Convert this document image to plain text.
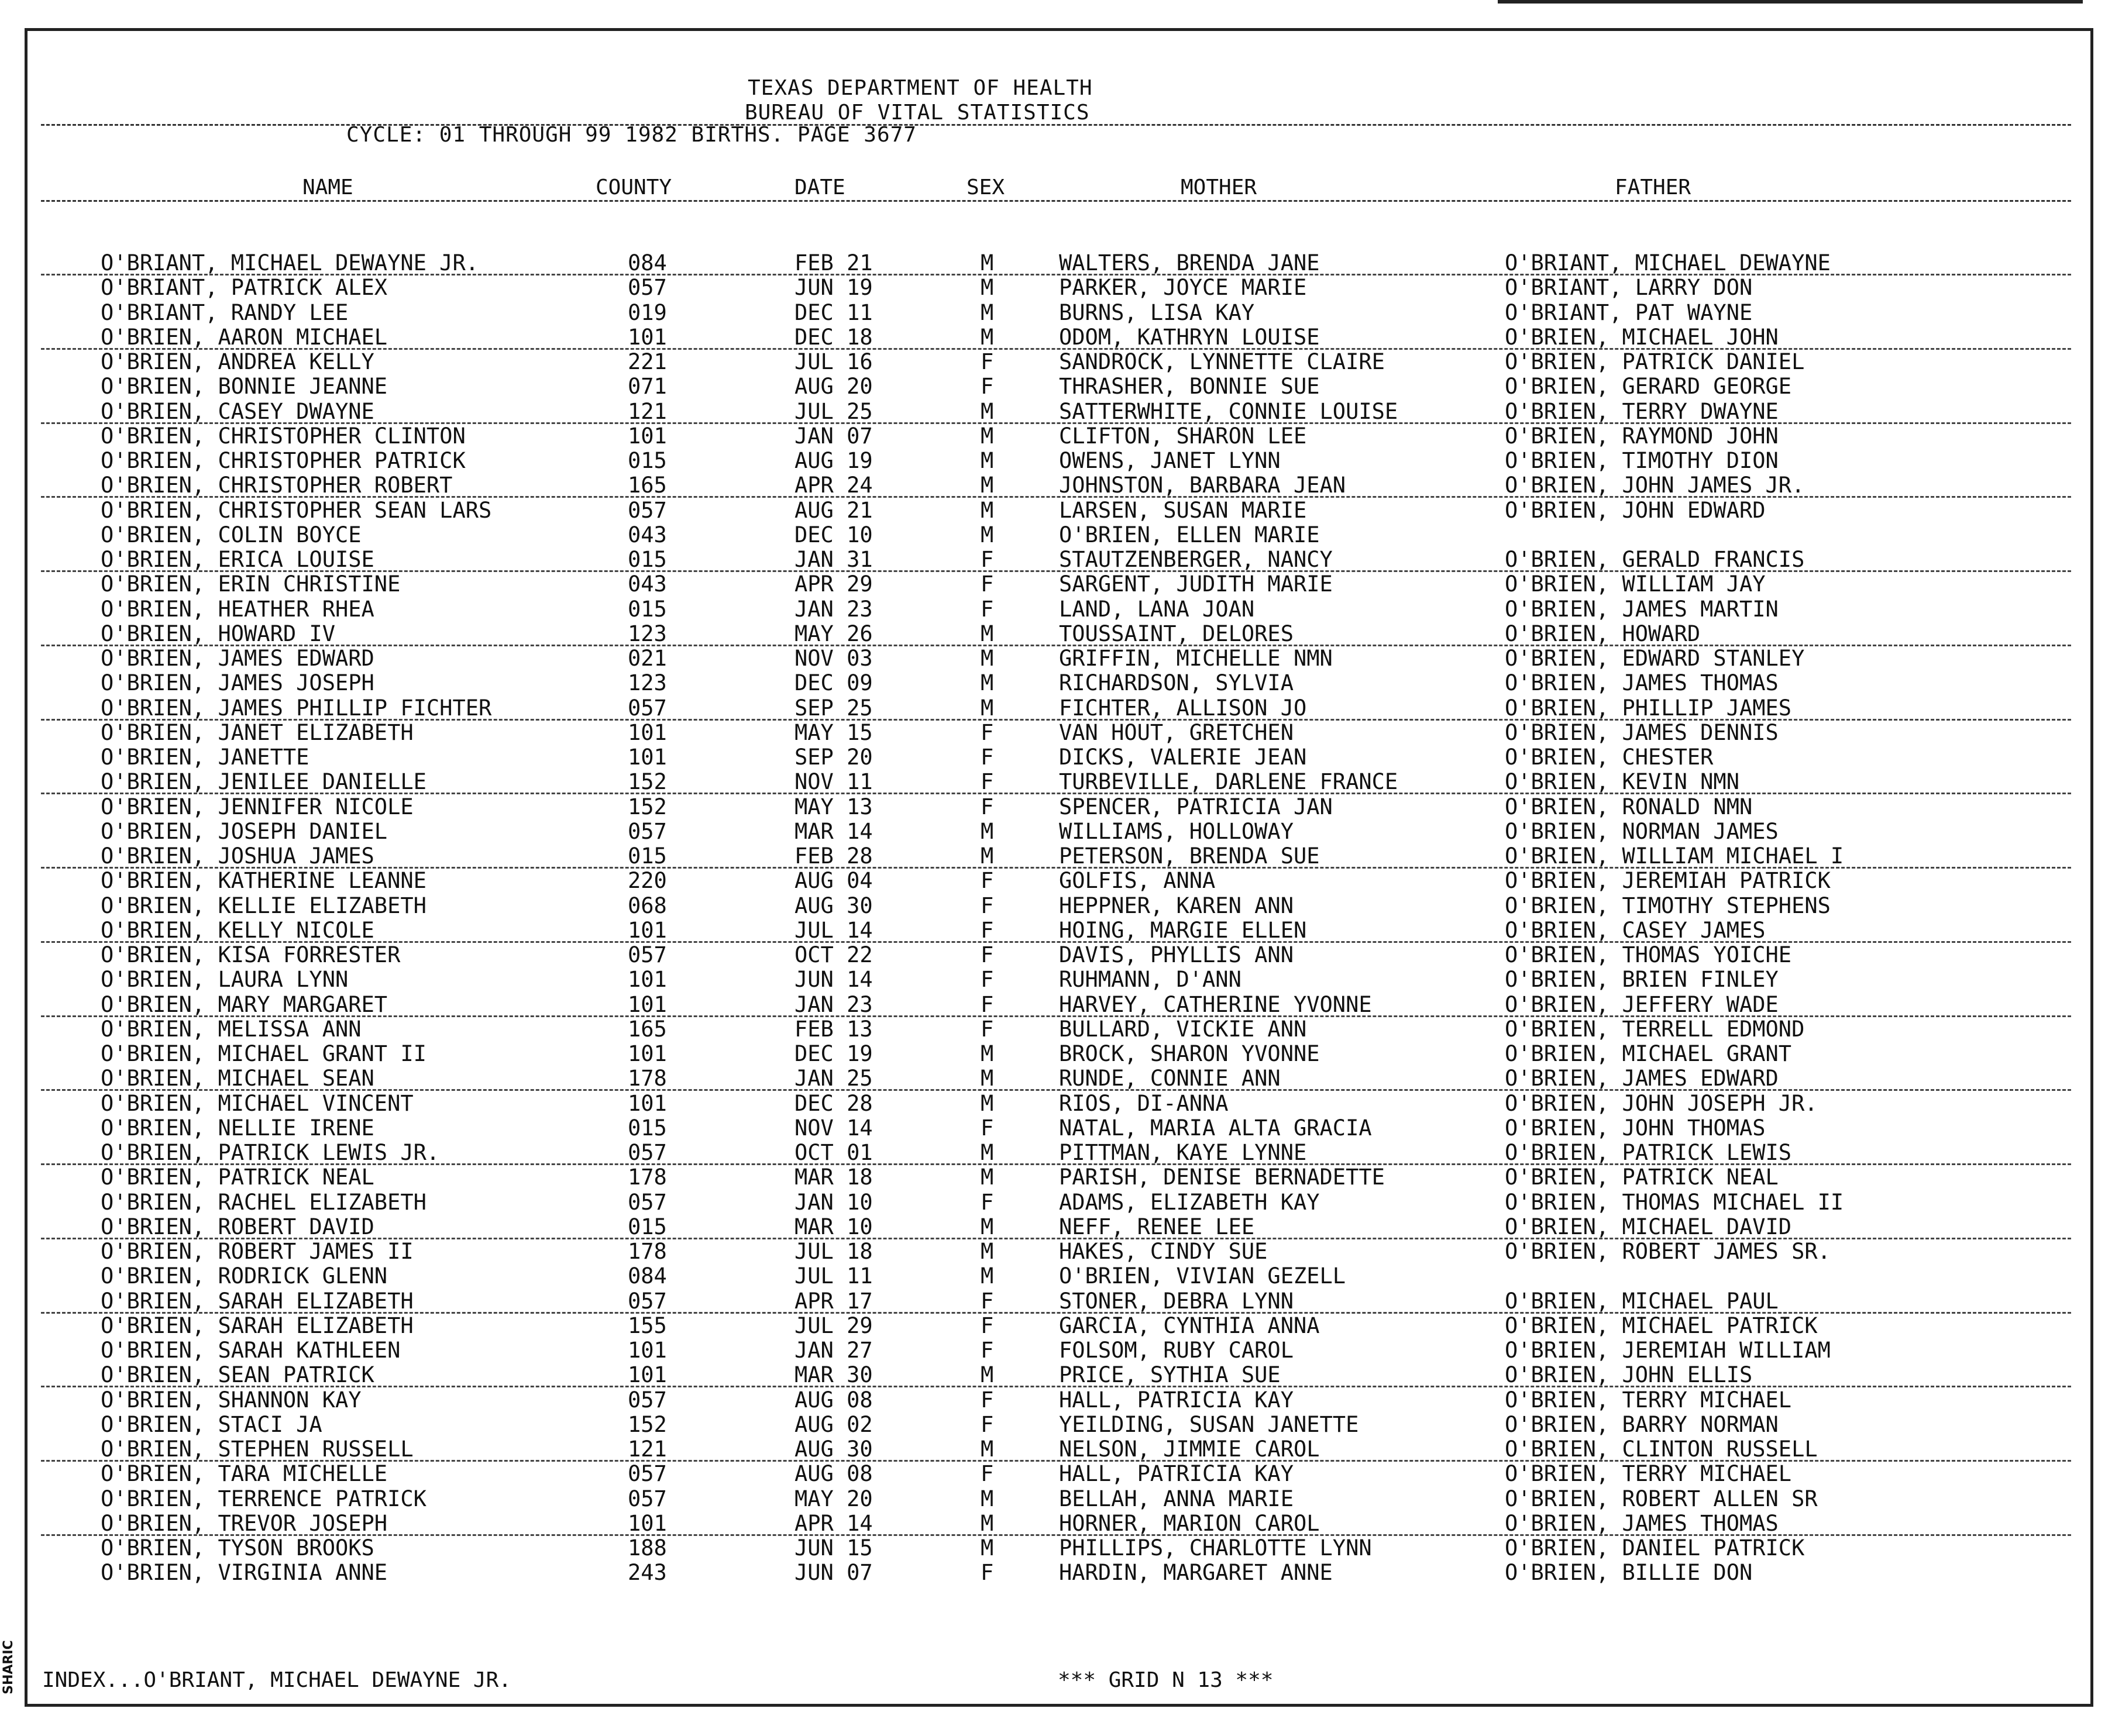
SHARIC
TEXAS DEPARTMENT OF HEALTH
BUREAU OF VITAL STATISTICS
CYCLE: 01 THROUGH 99 1982 BIRTHS. PAGE 3677
NAME	COUNTY	DATE	SEX	MOTHER	FATHER
O'BRIANT, MICHAEL DEWAYNE JR.	084	FEB 21	M	WALTERS, BRENDA JANE	O'BRIANT, MICHAEL DEWAYNE
O'BRIANT, PATRICK ALEX	057	JUN 19	M	PARKER, JOYCE MARIE	O'BRIANT, LARRY DON
O'BRIANT, RANDY LEE	019	DEC 11	M	BURNS, LISA KAY	O'BRIANT, PAT WAYNE
O'BRIEN, AARON MICHAEL	101	DEC 18	M	ODOM, KATHRYN LOUISE	O'BRIEN, MICHAEL JOHN
O'BRIEN, ANDREA KELLY	221	JUL 16	F	SANDROCK, LYNNETTE CLAIRE	O'BRIEN, PATRICK DANIEL
O'BRIEN, BONNIE JEANNE	071	AUG 20	F	THRASHER, BONNIE SUE	O'BRIEN, GERARD GEORGE
O'BRIEN, CASEY DWAYNE	121	JUL 25	M	SATTERWHITE, CONNIE LOUISE	O'BRIEN, TERRY DWAYNE
O'BRIEN, CHRISTOPHER CLINTON	101	JAN 07	M	CLIFTON, SHARON LEE	O'BRIEN, RAYMOND JOHN
O'BRIEN, CHRISTOPHER PATRICK	015	AUG 19	M	OWENS, JANET LYNN	O'BRIEN, TIMOTHY DION
O'BRIEN, CHRISTOPHER ROBERT	165	APR 24	M	JOHNSTON, BARBARA JEAN	O'BRIEN, JOHN JAMES JR.
O'BRIEN, CHRISTOPHER SEAN LARS	057	AUG 21	M	LARSEN, SUSAN MARIE	O'BRIEN, JOHN EDWARD
O'BRIEN, COLIN BOYCE	043	DEC 10	M	O'BRIEN, ELLEN MARIE
O'BRIEN, ERICA LOUISE	015	JAN 31	F	STAUTZENBERGER, NANCY	O'BRIEN, GERALD FRANCIS
O'BRIEN, ERIN CHRISTINE	043	APR 29	F	SARGENT, JUDITH MARIE	O'BRIEN, WILLIAM JAY
O'BRIEN, HEATHER RHEA	015	JAN 23	F	LAND, LANA JOAN	O'BRIEN, JAMES MARTIN
O'BRIEN, HOWARD IV	123	MAY 26	M	TOUSSAINT, DELORES	O'BRIEN, HOWARD
O'BRIEN, JAMES EDWARD	021	NOV 03	M	GRIFFIN, MICHELLE NMN	O'BRIEN, EDWARD STANLEY
O'BRIEN, JAMES JOSEPH	123	DEC 09	M	RICHARDSON, SYLVIA	O'BRIEN, JAMES THOMAS
O'BRIEN, JAMES PHILLIP FICHTER	057	SEP 25	M	FICHTER, ALLISON JO	O'BRIEN, PHILLIP JAMES
O'BRIEN, JANET ELIZABETH	101	MAY 15	F	VAN HOUT, GRETCHEN	O'BRIEN, JAMES DENNIS
O'BRIEN, JANETTE	101	SEP 20	F	DICKS, VALERIE JEAN	O'BRIEN, CHESTER
O'BRIEN, JENILEE DANIELLE	152	NOV 11	F	TURBEVILLE, DARLENE FRANCE	O'BRIEN, KEVIN NMN
O'BRIEN, JENNIFER NICOLE	152	MAY 13	F	SPENCER, PATRICIA JAN	O'BRIEN, RONALD NMN
O'BRIEN, JOSEPH DANIEL	057	MAR 14	M	WILLIAMS, HOLLOWAY	O'BRIEN, NORMAN JAMES
O'BRIEN, JOSHUA JAMES	015	FEB 28	M	PETERSON, BRENDA SUE	O'BRIEN, WILLIAM MICHAEL I
O'BRIEN, KATHERINE LEANNE	220	AUG 04	F	GOLFIS, ANNA	O'BRIEN, JEREMIAH PATRICK
O'BRIEN, KELLIE ELIZABETH	068	AUG 30	F	HEPPNER, KAREN ANN	O'BRIEN, TIMOTHY STEPHENS
O'BRIEN, KELLY NICOLE	101	JUL 14	F	HOING, MARGIE ELLEN	O'BRIEN, CASEY JAMES
O'BRIEN, KISA FORRESTER	057	OCT 22	F	DAVIS, PHYLLIS ANN	O'BRIEN, THOMAS YOICHE
O'BRIEN, LAURA LYNN	101	JUN 14	F	RUHMANN, D'ANN	O'BRIEN, BRIEN FINLEY
O'BRIEN, MARY MARGARET	101	JAN 23	F	HARVEY, CATHERINE YVONNE	O'BRIEN, JEFFERY WADE
O'BRIEN, MELISSA ANN	165	FEB 13	F	BULLARD, VICKIE ANN	O'BRIEN, TERRELL EDMOND
O'BRIEN, MICHAEL GRANT II	101	DEC 19	M	BROCK, SHARON YVONNE	O'BRIEN, MICHAEL GRANT
O'BRIEN, MICHAEL SEAN	178	JAN 25	M	RUNDE, CONNIE ANN	O'BRIEN, JAMES EDWARD
O'BRIEN, MICHAEL VINCENT	101	DEC 28	M	RIOS, DI-ANNA	O'BRIEN, JOHN JOSEPH JR.
O'BRIEN, NELLIE IRENE	015	NOV 14	F	NATAL, MARIA ALTA GRACIA	O'BRIEN, JOHN THOMAS
O'BRIEN, PATRICK LEWIS JR.	057	OCT 01	M	PITTMAN, KAYE LYNNE	O'BRIEN, PATRICK LEWIS
O'BRIEN, PATRICK NEAL	178	MAR 18	M	PARISH, DENISE BERNADETTE	O'BRIEN, PATRICK NEAL
O'BRIEN, RACHEL ELIZABETH	057	JAN 10	F	ADAMS, ELIZABETH KAY	O'BRIEN, THOMAS MICHAEL II
O'BRIEN, ROBERT DAVID	015	MAR 10	M	NEFF, RENEE LEE	O'BRIEN, MICHAEL DAVID
O'BRIEN, ROBERT JAMES II	178	JUL 18	M	HAKES, CINDY SUE	O'BRIEN, ROBERT JAMES SR.
O'BRIEN, RODRICK GLENN	084	JUL 11	M	O'BRIEN, VIVIAN GEZELL
O'BRIEN, SARAH ELIZABETH	057	APR 17	F	STONER, DEBRA LYNN	O'BRIEN, MICHAEL PAUL
O'BRIEN, SARAH ELIZABETH	155	JUL 29	F	GARCIA, CYNTHIA ANNA	O'BRIEN, MICHAEL PATRICK
O'BRIEN, SARAH KATHLEEN	101	JAN 27	F	FOLSOM, RUBY CAROL	O'BRIEN, JEREMIAH WILLIAM
O'BRIEN, SEAN PATRICK	101	MAR 30	M	PRICE, SYTHIA SUE	O'BRIEN, JOHN ELLIS
O'BRIEN, SHANNON KAY	057	AUG 08	F	HALL, PATRICIA KAY	O'BRIEN, TERRY MICHAEL
O'BRIEN, STACI JA	152	AUG 02	F	YEILDING, SUSAN JANETTE	O'BRIEN, BARRY NORMAN
O'BRIEN, STEPHEN RUSSELL	121	AUG 30	M	NELSON, JIMMIE CAROL	O'BRIEN, CLINTON RUSSELL
O'BRIEN, TARA MICHELLE	057	AUG 08	F	HALL, PATRICIA KAY	O'BRIEN, TERRY MICHAEL
O'BRIEN, TERRENCE PATRICK	057	MAY 20	M	BELLAH, ANNA MARIE	O'BRIEN, ROBERT ALLEN SR
O'BRIEN, TREVOR JOSEPH	101	APR 14	M	HORNER, MARION CAROL	O'BRIEN, JAMES THOMAS
O'BRIEN, TYSON BROOKS	188	JUN 15	M	PHILLIPS, CHARLOTTE LYNN	O'BRIEN, DANIEL PATRICK
O'BRIEN, VIRGINIA ANNE	243	JUN 07	F	HARDIN, MARGARET ANNE	O'BRIEN, BILLIE DON
INDEX...O'BRIANT, MICHAEL DEWAYNE JR.	*** GRID N 13 ***
